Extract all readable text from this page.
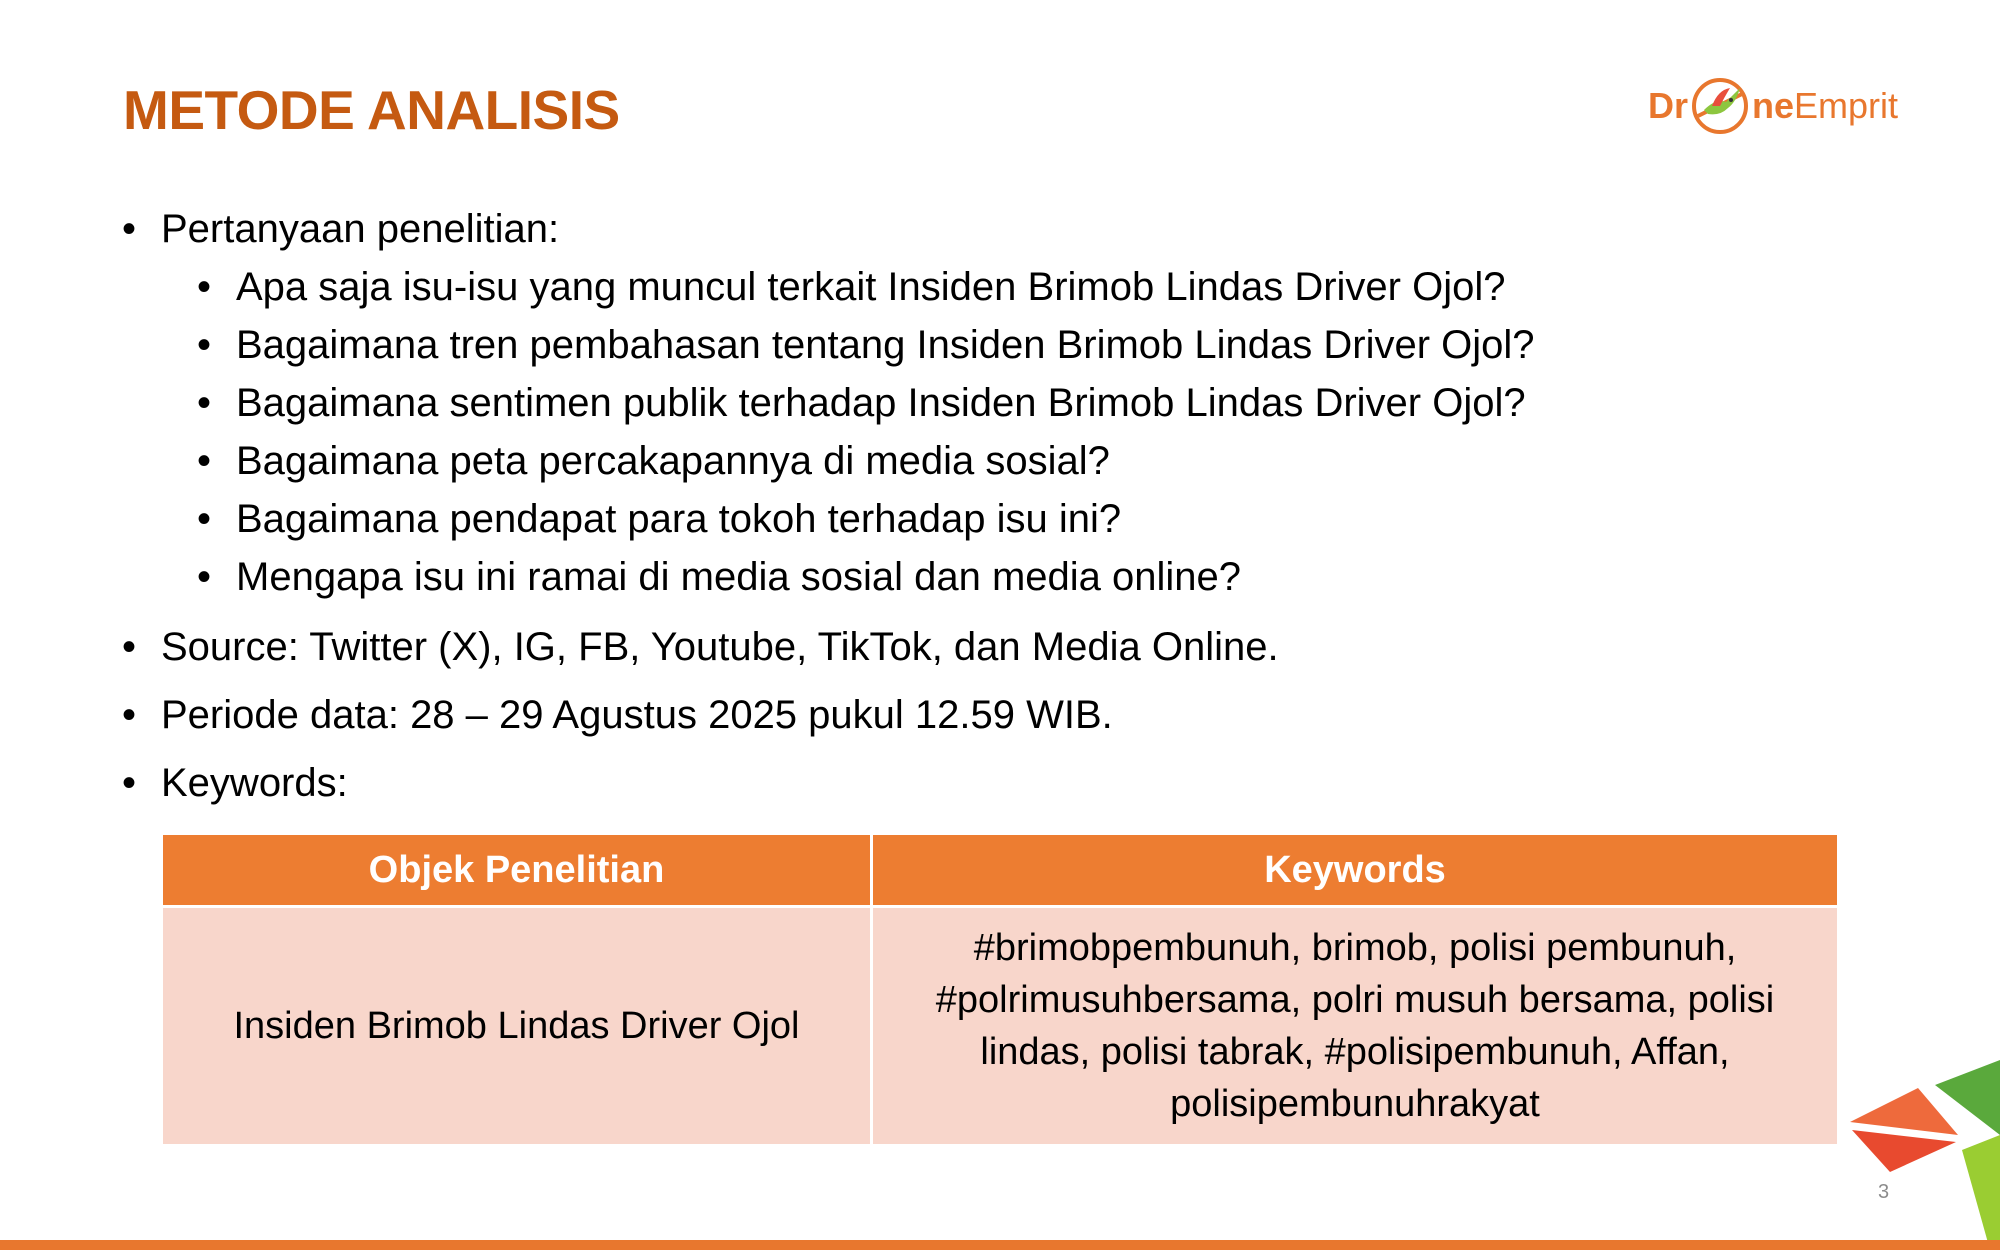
METODE ANALISIS	Dr ne Emprit
• Pertanyaan penelitian:
• Apa saja isu-isu yang muncul terkait Insiden Brimob Lindas Driver Ojol?
• Bagaimana tren pembahasan tentang Insiden Brimob Lindas Driver Ojol?
• Bagaimana sentimen publik terhadap Insiden Brimob Lindas Driver Ojol?
• Bagaimana peta percakapannya di media sosial?
• Bagaimana pendapat para tokoh terhadap isu ini?
• Mengapa isu ini ramai di media sosial dan media online?
• Source: Twitter (X), IG, FB, Youtube, TikTok, dan Media Online.
• Periode data: 28 – 29 Agustus 2025 pukul 12.59 WIB.
• Keywords:
Objek Penelitian	Keywords
Insiden Brimob Lindas Driver Ojol	#brimobpembunuh, brimob, polisi pembunuh, #polrimusuhbersama, polri musuh bersama, polisi lindas, polisi tabrak, #polisipembunuh, Affan, polisipembunuhrakyat
3
